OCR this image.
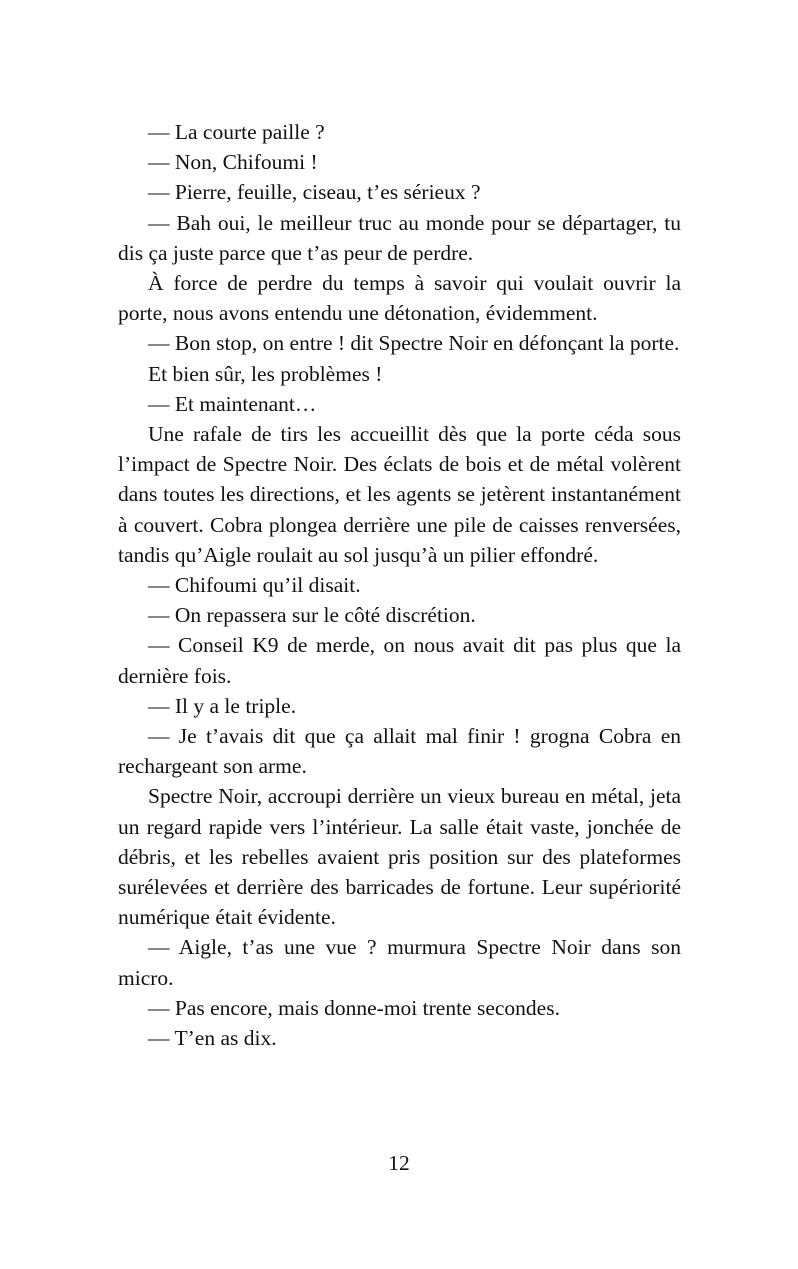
— La courte paille ?

— Non, Chifoumi !

— Pierre, feuille, ciseau, t’es sérieux ?

— Bah oui, le meilleur truc au monde pour se départager, tu dis ça juste parce que t’as peur de perdre.

À force de perdre du temps à savoir qui voulait ouvrir la porte, nous avons entendu une détonation, évidemment.

— Bon stop, on entre ! dit Spectre Noir en défonçant la porte.

Et bien sûr, les problèmes !

— Et maintenant…

Une rafale de tirs les accueillit dès que la porte céda sous l’impact de Spectre Noir. Des éclats de bois et de métal volèrent dans toutes les directions, et les agents se jetèrent instantanément à couvert. Cobra plongea derrière une pile de caisses renversées, tandis qu’Aigle roulait au sol jusqu’à un pilier effondré.

— Chifoumi qu’il disait.

— On repassera sur le côté discrétion.

— Conseil K9 de merde, on nous avait dit pas plus que la dernière fois.

— Il y a le triple.

— Je t’avais dit que ça allait mal finir ! grogna Cobra en rechargeant son arme.

Spectre Noir, accroupi derrière un vieux bureau en métal, jeta un regard rapide vers l’intérieur. La salle était vaste, jonchée de débris, et les rebelles avaient pris position sur des plateformes surélevées et derrière des barricades de fortune. Leur supériorité numérique était évidente.

— Aigle, t’as une vue ? murmura Spectre Noir dans son micro.

— Pas encore, mais donne-moi trente secondes.

— T’en as dix.

12
